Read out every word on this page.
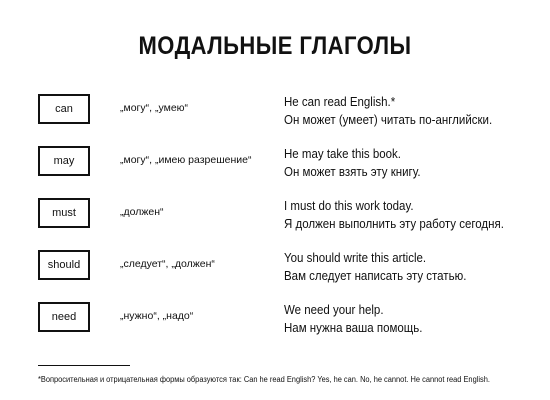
МОДАЛЬНЫЕ ГЛАГОЛЫ
can	„могу“, „умею“	He can read English.*
Он может (умеет) читать по-английски.
may	„могу“, „имею разрешение“	He may take this book.
Он может взять эту книгу.
must	„должен“	I must do this work today.
Я должен выполнить эту работу сегодня.
should	„следует“, „должен“	You should write this article.
Вам следует написать эту статью.
need	„нужно“, „надо“	We need your help.
Нам нужна ваша помощь.
*Вопросительная и отрицательная формы образуются так: Can he read English? Yes, he can. No, he cannot. He cannot read English.
